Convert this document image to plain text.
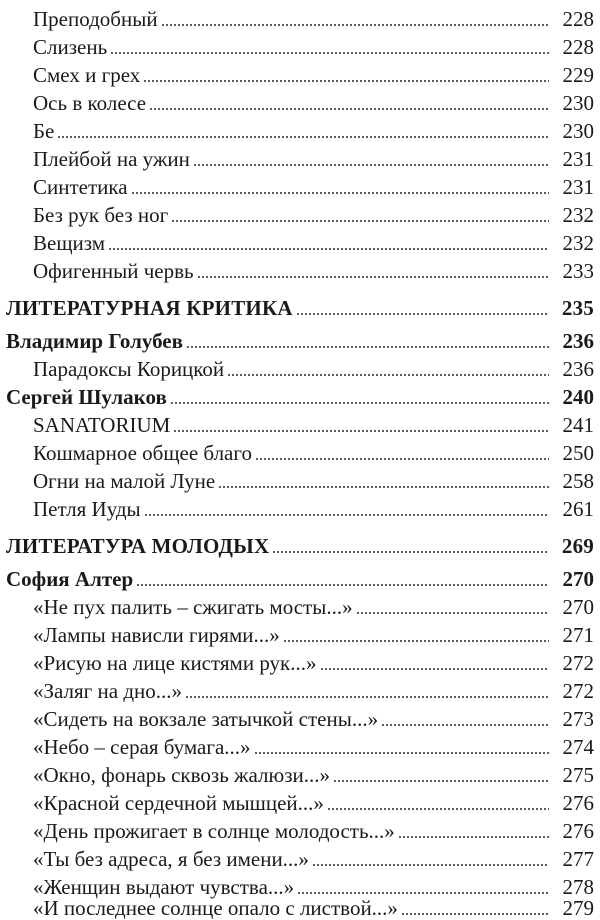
Преподобный	228
Слизень	228
Смех и грех	229
Ось в колесе	230
Бе	230
Плейбой на ужин	231
Синтетика	231
Без рук без ног	232
Вещизм	232
Офигенный червь	233
ЛИТЕРАТУРНАЯ КРИТИКА	235
Владимир Голубев	236
Парадоксы Корицкой	236
Сергей Шулаков	240
SANATORIUM	241
Кошмарное общее благо	250
Огни на малой Луне	258
Петля Иуды	261
ЛИТЕРАТУРА МОЛОДЫХ	269
София Алтер	270
«Не пух палить – сжигать мосты...»	270
«Лампы нависли гирями...»	271
«Рисую на лице кистями рук...»	272
«Заляг на дно...»	272
«Сидеть на вокзале затычкой стены...»	273
«Небо – серая бумага...»	274
«Окно, фонарь сквозь жалюзи...»	275
«Красной сердечной мышцей...»	276
«День прожигает в солнце молодость...»	276
«Ты без адреса, я без имени...»	277
«Женщин выдают чувства...»	278
«И последнее солнце опало с листвой...»	279
